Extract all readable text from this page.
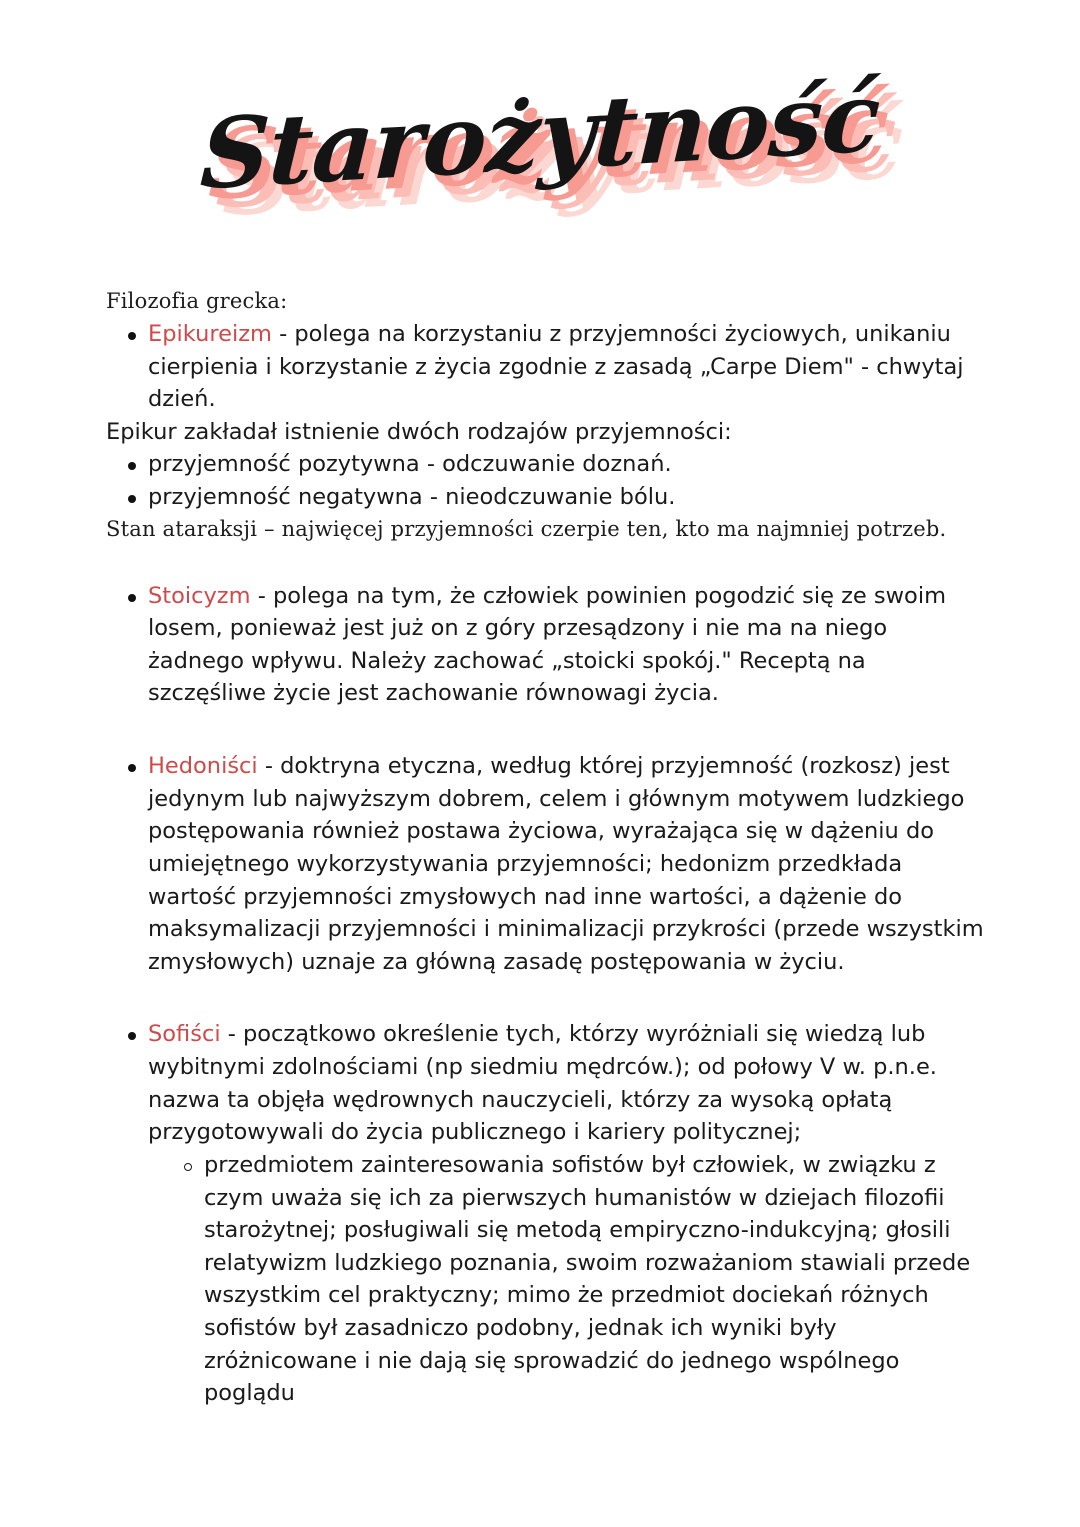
Starożytność

Filozofia grecka:

Epikureizm - polega na korzystaniu z przyjemności życiowych, unikaniu cierpienia i korzystanie z życia zgodnie z zasadą „Carpe Diem" - chwytaj dzień.

Epikur zakładał istnienie dwóch rodzajów przyjemności:

przyjemność pozytywna - odczuwanie doznań.

przyjemność negatywna - nieodczuwanie bólu.

Stan ataraksji – najwięcej przyjemności czerpie ten, kto ma najmniej potrzeb.

Stoicyzm - polega na tym, że człowiek powinien pogodzić się ze swoim losem, ponieważ jest już on z góry przesądzony i nie ma na niego żadnego wpływu. Należy zachować „stoicki spokój." Receptą na szczęśliwe życie jest zachowanie równowagi życia.

Hedoniści - doktryna etyczna, według której przyjemność (rozkosz) jest jedynym lub najwyższym dobrem, celem i głównym motywem ludzkiego postępowania również postawa życiowa, wyrażająca się w dążeniu do umiejętnego wykorzystywania przyjemności; hedonizm przedkłada wartość przyjemności zmysłowych nad inne wartości, a dążenie do maksymalizacji przyjemności i minimalizacji przykrości (przede wszystkim zmysłowych) uznaje za główną zasadę postępowania w życiu.

Sofiści - początkowo określenie tych, którzy wyróżniali się wiedzą lub wybitnymi zdolnościami (np siedmiu mędrców.); od połowy V w. p.n.e. nazwa ta objęła wędrownych nauczycieli, którzy za wysoką opłatą przygotowywali do życia publicznego i kariery politycznej;

przedmiotem zainteresowania sofistów był człowiek, w związku z czym uważa się ich za pierwszych humanistów w dziejach filozofii starożytnej; posługiwali się metodą empiryczno-indukcyjną; głosili relatywizm ludzkiego poznania, swoim rozważaniom stawiali przede wszystkim cel praktyczny; mimo że przedmiot dociekań różnych sofistów był zasadniczo podobny, jednak ich wyniki były zróżnicowane i nie dają się sprowadzić do jednego wspólnego poglądu
